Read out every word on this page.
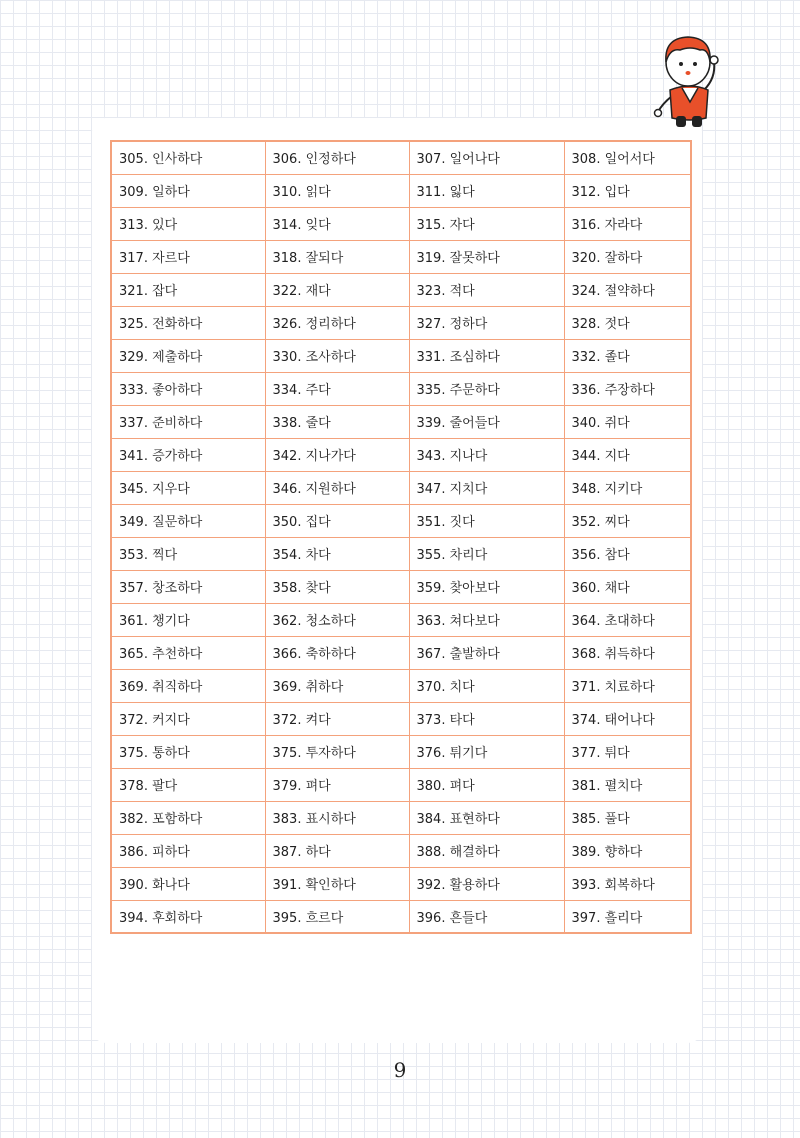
305. 인사하다	306. 인정하다	307. 일어나다	308. 일어서다
309. 일하다	310. 읽다	311. 잃다	312. 입다
313. 있다	314. 잊다	315. 자다	316. 자라다
317. 자르다	318. 잘되다	319. 잘못하다	320. 잘하다
321. 잡다	322. 재다	323. 적다	324. 절약하다
325. 전화하다	326. 정리하다	327. 정하다	328. 젓다
329. 제출하다	330. 조사하다	331. 조심하다	332. 졸다
333. 좋아하다	334. 주다	335. 주문하다	336. 주장하다
337. 준비하다	338. 줄다	339. 줄어들다	340. 쥐다
341. 증가하다	342. 지나가다	343. 지나다	344. 지다
345. 지우다	346. 지원하다	347. 지치다	348. 지키다
349. 질문하다	350. 집다	351. 짓다	352. 찌다
353. 찍다	354. 차다	355. 차리다	356. 참다
357. 창조하다	358. 찾다	359. 찾아보다	360. 채다
361. 챙기다	362. 청소하다	363. 쳐다보다	364. 초대하다
365. 추천하다	366. 축하하다	367. 출발하다	368. 취득하다
369. 취직하다	369. 취하다	370. 치다	371. 치료하다
372. 커지다	372. 켜다	373. 타다	374. 태어나다
375. 통하다	375. 투자하다	376. 튀기다	377. 튀다
378. 팔다	379. 펴다	380. 펴다	381. 펼치다
382. 포함하다	383. 표시하다	384. 표현하다	385. 풀다
386. 피하다	387. 하다	388. 해결하다	389. 향하다
390. 화나다	391. 확인하다	392. 활용하다	393. 회복하다
394. 후회하다	395. 흐르다	396. 흔들다	397. 흘리다
9
